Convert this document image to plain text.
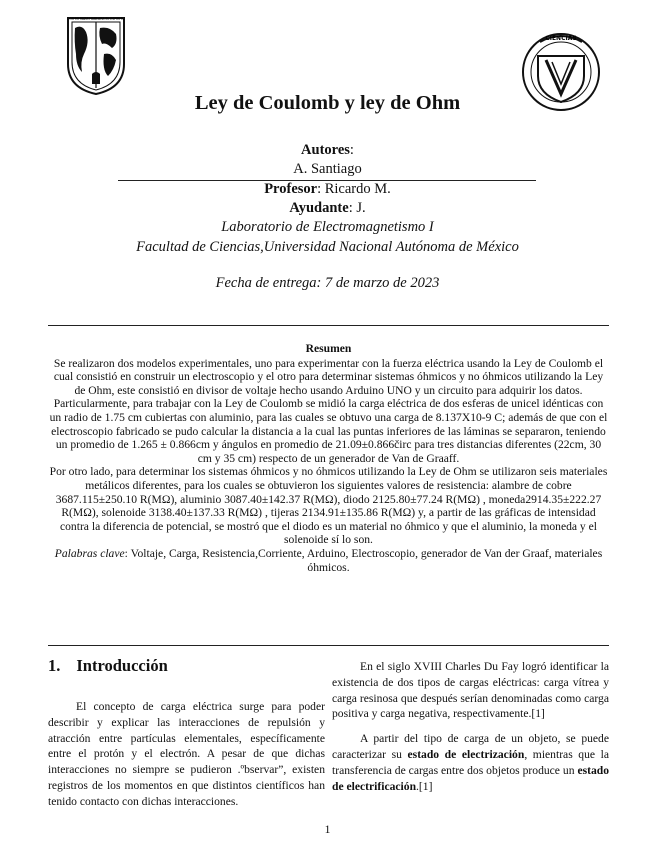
POR MI RAZA HABLARA EL ESPIRITU
CIENCIAS
Ley de Coulomb y ley de Ohm
Autores:
A. Santiago
Profesor: Ricardo M.
Ayudante: J.
Laboratorio de Electromagnetismo I
Facultad de Ciencias,Universidad Nacional Autónoma de México
Fecha de entrega: 7 de marzo de 2023
Resumen

Se realizaron dos modelos experimentales, uno para experimentar con la fuerza eléctrica usando la Ley de Coulomb el cual consistió en construir un electroscopio y el otro para determinar sistemas óhmicos y no óhmicos utilizando la Ley de Ohm, este consistió en divisor de voltaje hecho usando Arduino UNO y un circuito para adquirir los datos.

Particularmente, para trabajar con la Ley de Coulomb se midió la carga eléctrica de dos esferas de unicel idénticas con un radio de 1.75 cm cubiertas con aluminio, para las cuales se obtuvo una carga de 8.137X10-9 C; además de que con el electroscopio fabricado se pudo calcular la distancia a la cual las puntas inferiores de las láminas se separaron, teniendo un promedio de 1.265 ± 0.866cm y ángulos en promedio de 21.09±0.866čirc para tres distancias diferentes (22cm, 30 cm y 35 cm) respecto de un generador de Van de Graaff.

Por otro lado, para determinar los sistemas óhmicos y no óhmicos utilizando la Ley de Ohm se utilizaron seis materiales metálicos diferentes, para los cuales se obtuvieron los siguientes valores de resistencia: alambre de cobre 3687.115±250.10 R(MΩ), aluminio 3087.40±142.37 R(MΩ), diodo 2125.80±77.24 R(MΩ) , moneda2914.35±222.27 R(MΩ), solenoide 3138.40±137.33 R(MΩ) , tijeras 2134.91±135.86 R(MΩ) y, a partir de las gráficas de intensidad contra la diferencia de potencial, se mostró que el diodo es un material no óhmico y que el aluminio, la moneda y el solenoide sí lo son.

Palabras clave: Voltaje, Carga, Resistencia,Corriente, Arduino, Electroscopio, generador de Van der Graaf, materiales óhmicos.

1. Introducción

El concepto de carga eléctrica surge para poder describir y explicar las interacciones de repulsión y atracción entre partículas elementales, específicamente entre el protón y el electrón. A pesar de que dichas interacciones no siempre se pudieron .ºbservar”, existen registros de los momentos en que distintos científicos han tenido contacto con dichas interacciones.

En el siglo XVIII Charles Du Fay logró identificar la existencia de dos tipos de cargas eléctricas: carga vítrea y carga resinosa que después serían denominadas como carga positiva y carga negativa, respectivamente.[1]

A partir del tipo de carga de un objeto, se puede caracterizar su estado de electrización, mientras que la transferencia de cargas entre dos objetos produce un estado de electrificación.[1]

1
